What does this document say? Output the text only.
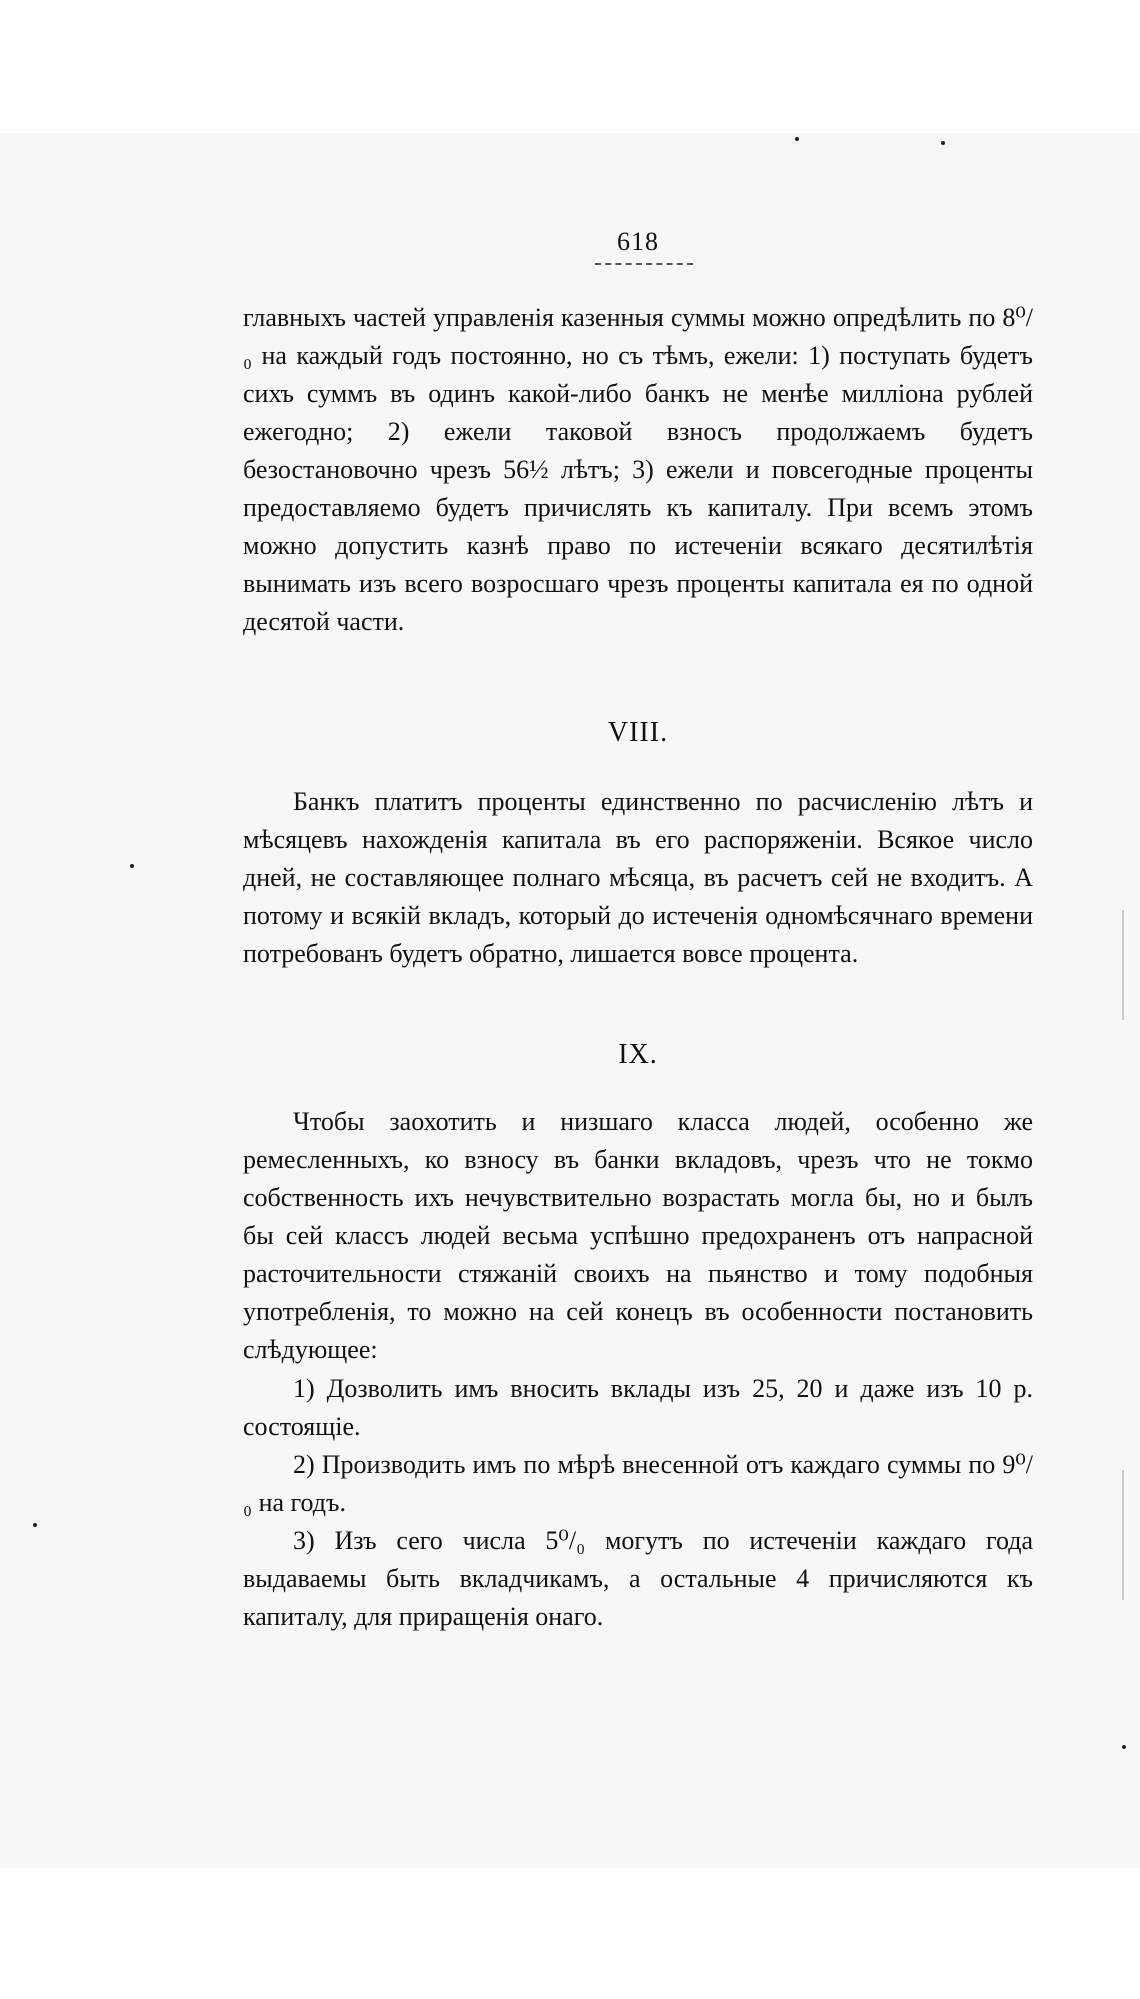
618
главныхъ частей управленія казенныя суммы можно опредѣлить по 8⁰/₀ на каждый годъ постоянно, но съ тѣмъ, ежели: 1) поступать будетъ сихъ суммъ въ одинъ какой-либо банкъ не менѣе милліона рублей ежегодно; 2) ежели таковой взносъ продолжаемъ будетъ безостановочно чрезъ 56½ лѣтъ; 3) ежели и повсегодные проценты предоставляемо будетъ причислять къ капиталу. При всемъ этомъ можно допустить казнѣ право по истеченіи всякаго десятилѣтія вынимать изъ всего возросшаго чрезъ проценты капитала ея по одной десятой части.
VIII.
Банкъ платитъ проценты единственно по расчисленію лѣтъ и мѣсяцевъ нахожденія капитала въ его распоряженіи. Всякое число дней, не составляющее полнаго мѣсяца, въ расчетъ сей не входитъ. А потому и всякій вкладъ, который до истеченія одномѣсячнаго времени потребованъ будетъ обратно, лишается вовсе процента.
IX.
Чтобы заохотить и низшаго класса людей, особенно же ремесленныхъ, ко взносу въ банки вкладовъ, чрезъ что не токмо собственность ихъ нечувствительно возрастать могла бы, но и былъ бы сей классъ людей весьма успѣшно предохраненъ отъ напрасной расточительности стяжаній своихъ на пьянство и тому подобныя употребленія, то можно на сей конецъ въ особенности постановить слѣдующее:
1) Дозволить имъ вносить вклады изъ 25, 20 и даже изъ 10 р. состоящіе.
2) Производить имъ по мѣрѣ внесенной отъ каждаго суммы по 9⁰/₀ на годъ.
3) Изъ сего числа 5⁰/₀ могутъ по истеченіи каждаго года выдаваемы быть вкладчикамъ, а остальные 4 причисляются къ капиталу, для приращенія онаго.
